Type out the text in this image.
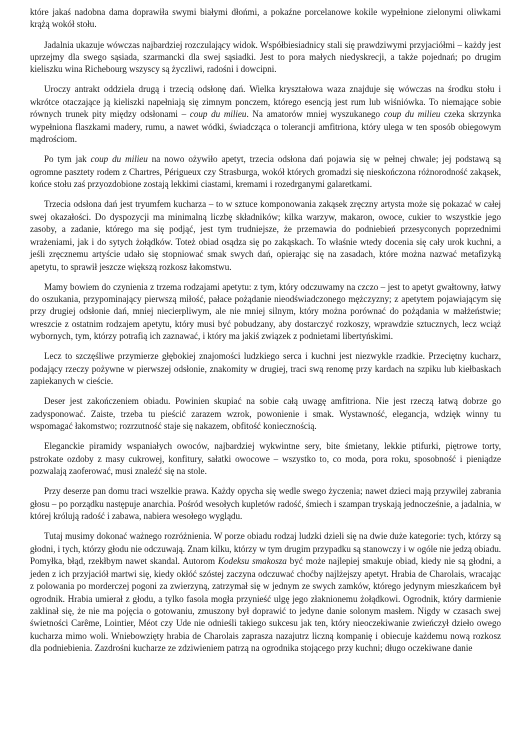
które jakaś nadobna dama doprawiła swymi białymi dłońmi, a pokaźne porcelanowe kokile wypełnione zielonymi oliwkami krążą wokół stołu.

Jadalnia ukazuje wówczas najbardziej rozczulający widok. Współbiesiadnicy stali się prawdziwymi przyjaciółmi – każdy jest uprzejmy dla swego sąsiada, szarmancki dla swej sąsiadki. Jest to pora małych niedyskrecji, a także pojednań; po drugim kieliszku wina Richebourg wszyscy są życzliwi, radośni i dowcipni.

Uroczy antrakt oddziela drugą i trzecią odsłonę dań. Wielka kryształowa waza znajduje się wówczas na środku stołu i wkrótce otaczające ją kieliszki napełniają się zimnym ponczem, którego esencją jest rum lub wiśniówka. To niemające sobie równych trunek pity między odsłonami – coup du milieu. Na amatorów mniej wyszukanego coup du milieu czeka skrzynka wypełniona flaszkami madery, rumu, a nawet wódki, świadcząca o tolerancji amfitriona, który ulega w ten sposób obiegowym mądrościom.

Po tym jak coup du milieu na nowo ożywiło apetyt, trzecia odsłona dań pojawia się w pełnej chwale; jej podstawą są ogromne pasztety rodem z Chartres, Périgueux czy Strasburga, wokół których gromadzi się nieskończona różnorodność zakąsek, końce stołu zaś przyozdobione zostają lekkimi ciastami, kremami i rozedrganymi galaretkami.

Trzecia odsłona dań jest tryumfem kucharza – to w sztuce komponowania zakąsek zręczny artysta może się pokazać w całej swej okazałości. Do dyspozycji ma minimalną liczbę składników; kilka warzyw, makaron, owoce, cukier to wszystkie jego zasoby, a zadanie, którego ma się podjąć, jest tym trudniejsze, że przemawia do podniebień przesyconych poprzednimi wrażeniami, jak i do sytych żołądków. Toteż obiad osądza się po zakąskach. To właśnie wtedy docenia się cały urok kuchni, a jeśli zręcznemu artyście udało się stopniować smak swych dań, opierając się na zasadach, które można nazwać metafizyką apetytu, to sprawił jeszcze większą rozkosz łakomstwu.

Mamy bowiem do czynienia z trzema rodzajami apetytu: z tym, który odczuwamy na czczo – jest to apetyt gwałtowny, łatwy do oszukania, przypominający pierwszą miłość, pałace pożądanie nieodświadczonego mężczyzny; z apetytem pojawiającym się przy drugiej odsłonie dań, mniej niecierpliwym, ale nie mniej silnym, który można porównać do pożądania w małżeństwie; wreszcie z ostatnim rodzajem apetytu, który musi być pobudzany, aby dostarczyć rozkoszy, wprawdzie sztucznych, lecz wciąż wybornych, tym, którzy potrafią ich zaznawać, i który ma jakiś związek z podnietami libertyńskimi.

Lecz to szczęśliwe przymierze głębokiej znajomości ludzkiego serca i kuchni jest niezwykle rzadkie. Przeciętny kucharz, podający rzeczy pożywne w pierwszej odsłonie, znakomity w drugiej, traci swą renomę przy kardach na szpiku lub kiełbaskach zapiekanych w cieście.

Deser jest zakończeniem obiadu. Powinien skupiać na sobie całą uwagę amfitriona. Nie jest rzeczą łatwą dobrze go zadysponować. Zaiste, trzeba tu pieścić zarazem wzrok, powonienie i smak. Wystawność, elegancja, wdzięk winny tu wspomagać łakomstwo; rozrzutność staje się nakazem, obfitość koniecznością.

Eleganckie piramidy wspaniałych owoców, najbardziej wykwintne sery, bite śmietany, lekkie ptifurki, piętrowe torty, pstrokate ozdoby z masy cukrowej, konfitury, sałatki owocowe – wszystko to, co moda, pora roku, sposobność i pieniądze pozwalają zaoferować, musi znaleźć się na stole.

Przy deserze pan domu traci wszelkie prawa. Każdy opycha się wedle swego życzenia; nawet dzieci mają przywilej zabrania głosu – po porządku następuje anarchia. Pośród wesołych kupletów radość, śmiech i szampan tryskają jednocześnie, a jadalnia, w której królują radość i zabawa, nabiera wesołego wyglądu.

Tutaj musimy dokonać ważnego rozróżnienia. W porze obiadu rodzaj ludzki dzieli się na dwie duże kategorie: tych, którzy są głodni, i tych, którzy głodu nie odczuwają. Znam kilku, którzy w tym drugim przypadku są stanowczy i w ogóle nie jedzą obiadu. Pomyłka, błąd, rzekłbym nawet skandal. Autorom Kodeksu smakosza być może najlepiej smakuje obiad, kiedy nie są głodni, a jeden z ich przyjaciół martwi się, kiedy okłóć szóstej zaczyna odczuwać choćby najlżejszy apetyt. Hrabia de Charolais, wracając z polowania po morderczej pogoni za zwierzyną, zatrzymał się w jednym ze swych zamków, którego jedynym mieszkańcem był ogrodnik. Hrabia umierał z głodu, a tylko fasola mogła przynieść ulgę jego złaknionemu żołądkowi. Ogrodnik, który darmienie zaklinał się, że nie ma pojęcia o gotowaniu, zmuszony był doprawić to jedyne danie solonym masłem. Nigdy w czasach swej świetności Carême, Lointier, Méot czy Ude nie odnieśli takiego sukcesu jak ten, który nieoczekiwanie zwieńczył dzieło owego kucharza mimo woli. Wniebowzięty hrabia de Charolais zaprasza nazajutrz liczną kompanię i obiecuje każdemu nową rozkosz dla podniebienia. Zazdrośni kucharze ze zdziwieniem patrzą na ogrodnika stojącego przy kuchni; długo oczekiwane danie
